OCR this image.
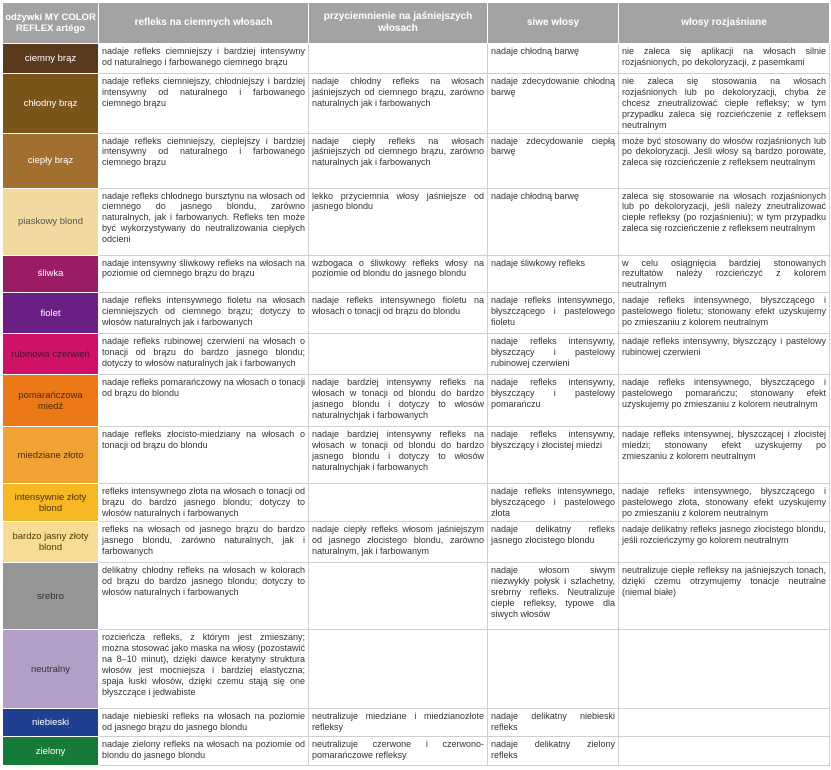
odżywki MY COLOR REFLEX artégo	refleks na ciemnych włosach	przyciemnienie na jaśniejszych włosach	siwe włosy	włosy rozjaśniane
ciemny brąz	nadaje refleks ciemniejszy i bardziej intensywny od naturalnego i farbowanego ciemnego brązu		nadaje chłodną barwę	nie zaleca się aplikacji na włosach silnie rozjaśnionych, po dekoloryzacji, z pasemkami
chłodny brąz	nadaje refleks ciemniejszy, chłodniejszy i bardziej intensywny od naturalnego i farbowanego ciemnego brązu	nadaje chłodny refleks na włosach jaśniejszych od ciemnego brązu, zarówno naturalnych jak i farbowanych	nadaje zdecydowanie chłodną barwę	nie zaleca się stosowania na włosach rozjaśnionych lub po dekoloryzacji, chyba że chcesz zneutralizować ciepłe refleksy; w tym przypadku zaleca się rozcieńczenie z refleksem neutralnym
ciepły brąz	nadaje refleks ciemniejszy, cieplejszy i bardziej intensywny od naturalnego i farbowanego ciemnego brązu	nadaje ciepły refleks na włosach jaśniejszych od ciemnego brązu, zarówno naturalnych jak i farbowanych	nadaje zdecydowanie ciepłą barwę	może być stosowany do włosów rozjaśnionych lub po dekoloryzacji. Jeśli włosy są bardzo porowate, zaleca się rozcieńczenie z refleksem neutralnym
piaskowy blond	nadaje refleks chłodnego bursztynu na włosach od ciemnego do jasnego blondu, zarówno naturalnych, jak i farbowanych. Refleks ten może być wykorzystywany do neutralizowania ciepłych odcieni	lekko przyciemnia włosy jaśniejsze od jasnego blondu	nadaje chłodną barwę	zaleca się stosowanie na włosach rozjaśnionych lub po dekoloryzacji, jeśli należy zneutralizować ciepłe refleksy (po rozjaśnieniu); w tym przypadku zaleca się rozcieńczenie z refleksem neutralnym
śliwka	nadaje intensywny śliwkowy refleks na włosach na poziomie od ciemnego brązu do brązu	wzbogaca o śliwkowy refleks włosy na poziomie od blondu do jasnego blondu	nadaje śliwkowy refleks	w celu osiągnięcia bardziej stonowanych rezultatów należy rozcieńczyć z kolorem neutralnym
fiolet	nadaje refleks intensywnego fioletu na włosach ciemniejszych od ciemnego brązu; dotyczy to włosów naturalnych jak i farbowanych	nadaje refleks intensywnego fioletu na włosach o tonacji od brązu do blondu	nadaje refleks intensywnego, błyszczącego i pastelowego fioletu	nadaje refleks intensywnego, błyszczącego i pastelowego fioletu; stonowany efekt uzyskujemy po zmieszaniu z kolorem neutralnym
rubinowa czerwień	nadaje refleks rubinowej czerwieni na włosach o tonacji od brązu do bardzo jasnego blondu; dotyczy to włosów naturalnych jak i farbowanych		nadaje refleks intensywny, błyszczący i pastelowy rubinowej czerwieni	nadaje refleks intensywny, błyszczący i pastelowy rubinowej czerwieni
pomarańczowa miedź	nadaje refleks pomarańczowy na włosach o tonacji od brązu do blondu	nadaje bardziej intensywny refleks na włosach w tonacji od blondu do bardzo jasnego blondu i dotyczy to włosów naturalnychjak i farbowanych	nadaje refleks intensywny, błyszczący i pastelowy pomarańczu	nadaje refleks intensywnego, błyszczącego i pastelowego pomarańczu; stonowany efekt uzyskujemy po zmieszaniu z kolorem neutralnym
miedziane złoto	nadaje refleks złocisto-miedziany na włosach o tonacji od brązu do blondu	nadaje bardziej intensywny refleks na włosach w tonacji od blondu do bardzo jasnego blondu i dotyczy to włosów naturalnychjak i farbowanych	nadaje refleks intensywny, błyszczący i złocistej miedzi	nadaje refleks intensywnej, błyszczącej i złocistej miedzi; stonowany efekt uzyskujemy po zmieszaniu z kolorem neutralnym
intensywnie złoty blond	refleks intensywnego złota na włosach o tonacji od brązu do bardzo jasnego blondu; dotyczy to włosów naturalnych i farbowanych		nadaje refleks intensywnego, błyszczącego i pastelowego złota	nadaje refleks intensywnego, błyszczącego i pastelowego złota, stonowany efekt uzyskujemy po zmieszaniu z kolorem neutralnym
bardzo jasny złoty blond	refleks na włosach od jasnego brązu do bardzo jasnego blondu, zarówno naturalnych, jak i farbowanych	nadaje ciepły refleks włosom jaśniejszym od jasnego złocistego blondu, zarówno naturalnym, jak i farbowanym	nadaje delikatny refleks jasnego złocistego blondu	nadaje delikatny refleks jasnego złocistego blondu, jeśli rozcieńczymy go kolorem neutralnym
srebro	delikatny chłodny refleks na włosach w kolorach od brązu do bardzo jasnego blondu; dotyczy to włosów naturalnych i farbowanych		nadaje włosom siwym niezwykły połysk i szlachetny, srebrny refleks. Neutralizuje ciepłe refleksy, typowe dla siwych włosów	neutralizuje ciepłe refleksy na jaśniejszych tonach, dzięki czemu otrzymujemy tonacje neutralne (niemal białe)
neutralny	rozcieńcza refleks, z którym jest zmieszany; można stosować jako maska na włosy (pozostawić na 8–10 minut), dzięki dawce keratyny struktura włosów jest mocniejsza i bardziej elastyczna; spaja łuski włosów, dzięki czemu stają się one błyszczące i jedwabiste			
niebieski	nadaje niebieski refleks na włosach na poziomie od jasnego brązu do jasnego blondu	neutralizuje miedziane i miedzianozłote refleksy	nadaje delikatny niebieski refleks	
zielony	nadaje zielony refleks na włosach na poziomie od blondu do jasnego blondu	neutralizuje czerwone i czerwono-pomarańczowe refleksy	nadaje delikatny zielony refleks	
